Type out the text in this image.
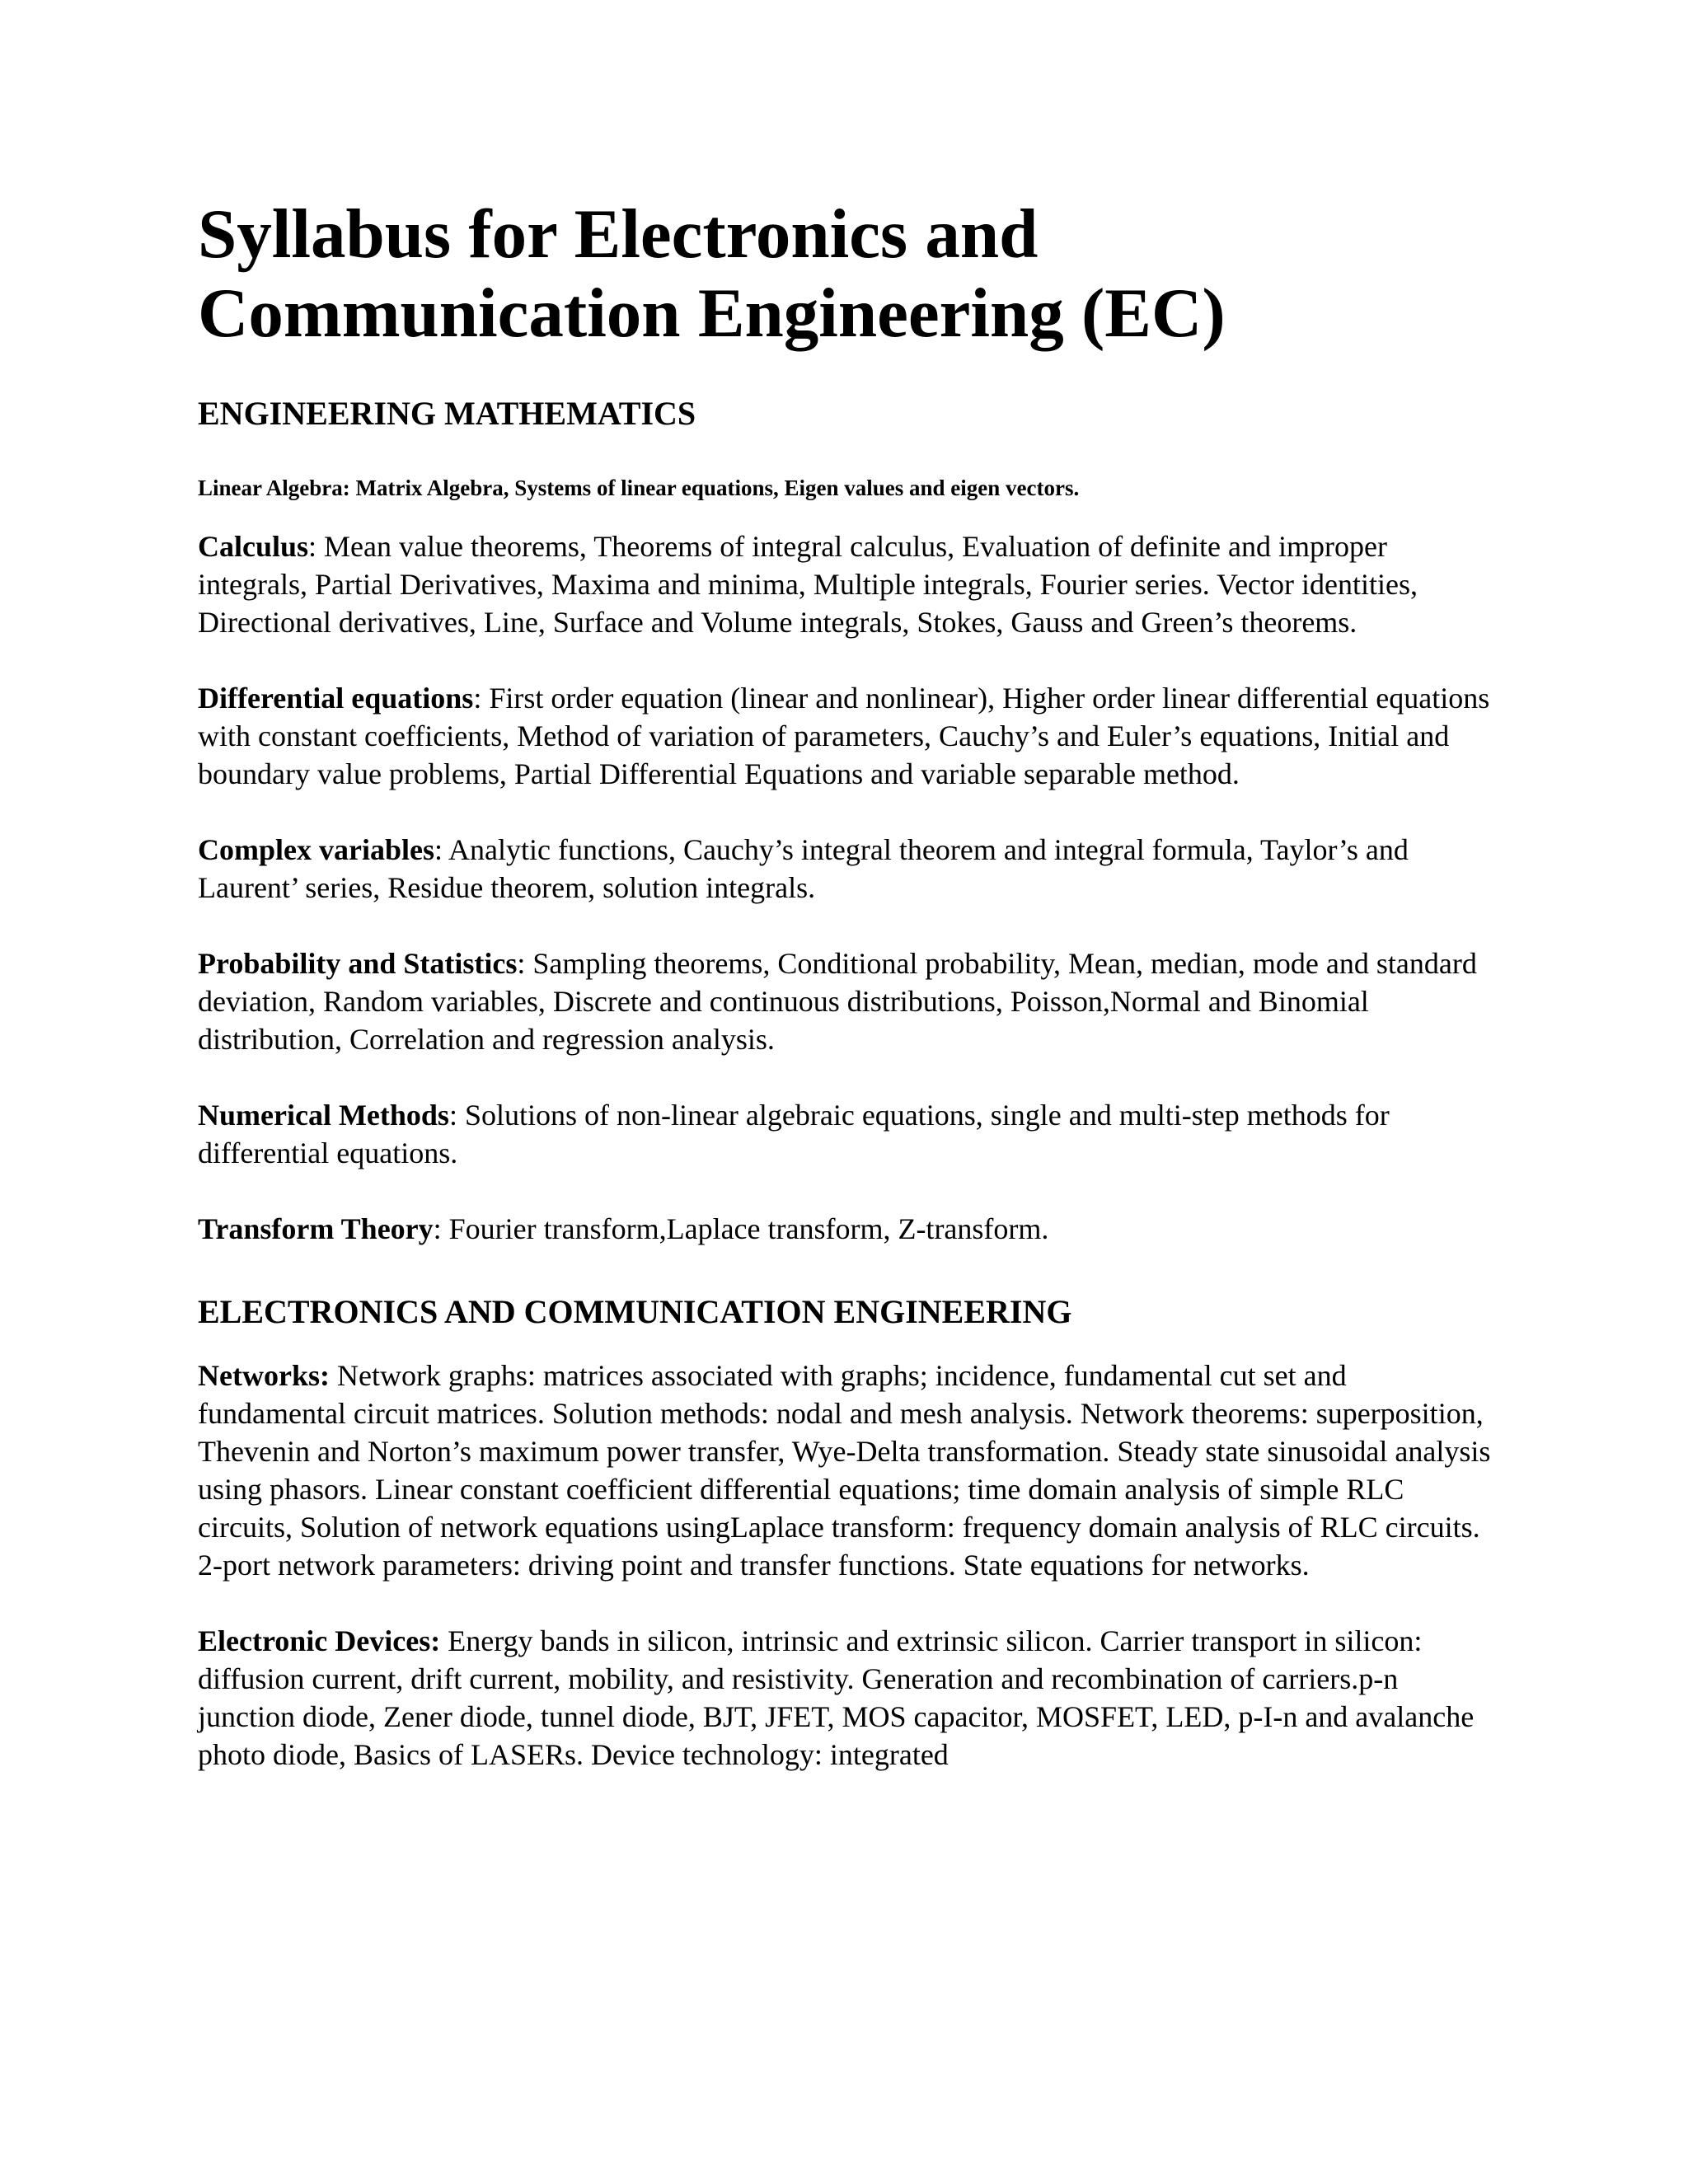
Syllabus for Electronics and Communication Engineering (EC)
ENGINEERING MATHEMATICS

Linear Algebra: Matrix Algebra, Systems of linear equations, Eigen values and eigen vectors.

Calculus: Mean value theorems, Theorems of integral calculus, Evaluation of definite and improper integrals, Partial Derivatives, Maxima and minima, Multiple integrals, Fourier series. Vector identities, Directional derivatives, Line, Surface and Volume integrals, Stokes, Gauss and Green’s theorems.

Differential equations: First order equation (linear and nonlinear), Higher order linear differential equations with constant coefficients, Method of variation of parameters, Cauchy’s and Euler’s equations, Initial and boundary value problems, Partial Differential Equations and variable separable method.

Complex variables: Analytic functions, Cauchy’s integral theorem and integral formula, Taylor’s and Laurent’ series, Residue theorem, solution integrals.

Probability and Statistics: Sampling theorems, Conditional probability, Mean, median, mode and standard deviation, Random variables, Discrete and continuous distributions, Poisson,Normal and Binomial distribution, Correlation and regression analysis.

Numerical Methods: Solutions of non-linear algebraic equations, single and multi-step methods for differential equations.

Transform Theory: Fourier transform,Laplace transform, Z-transform.

ELECTRONICS AND COMMUNICATION ENGINEERING

Networks: Network graphs: matrices associated with graphs; incidence, fundamental cut set and fundamental circuit matrices. Solution methods: nodal and mesh analysis. Network theorems: superposition, Thevenin and Norton’s maximum power transfer, Wye-Delta transformation. Steady state sinusoidal analysis using phasors. Linear constant coefficient differential equations; time domain analysis of simple RLC circuits, Solution of network equations usingLaplace transform: frequency domain analysis of RLC circuits. 2-port network parameters: driving point and transfer functions. State equations for networks.

Electronic Devices: Energy bands in silicon, intrinsic and extrinsic silicon. Carrier transport in silicon: diffusion current, drift current, mobility, and resistivity. Generation and recombination of carriers.p-n junction diode, Zener diode, tunnel diode, BJT, JFET, MOS capacitor, MOSFET, LED, p-I-n and avalanche photo diode, Basics of LASERs. Device technology: integrated
